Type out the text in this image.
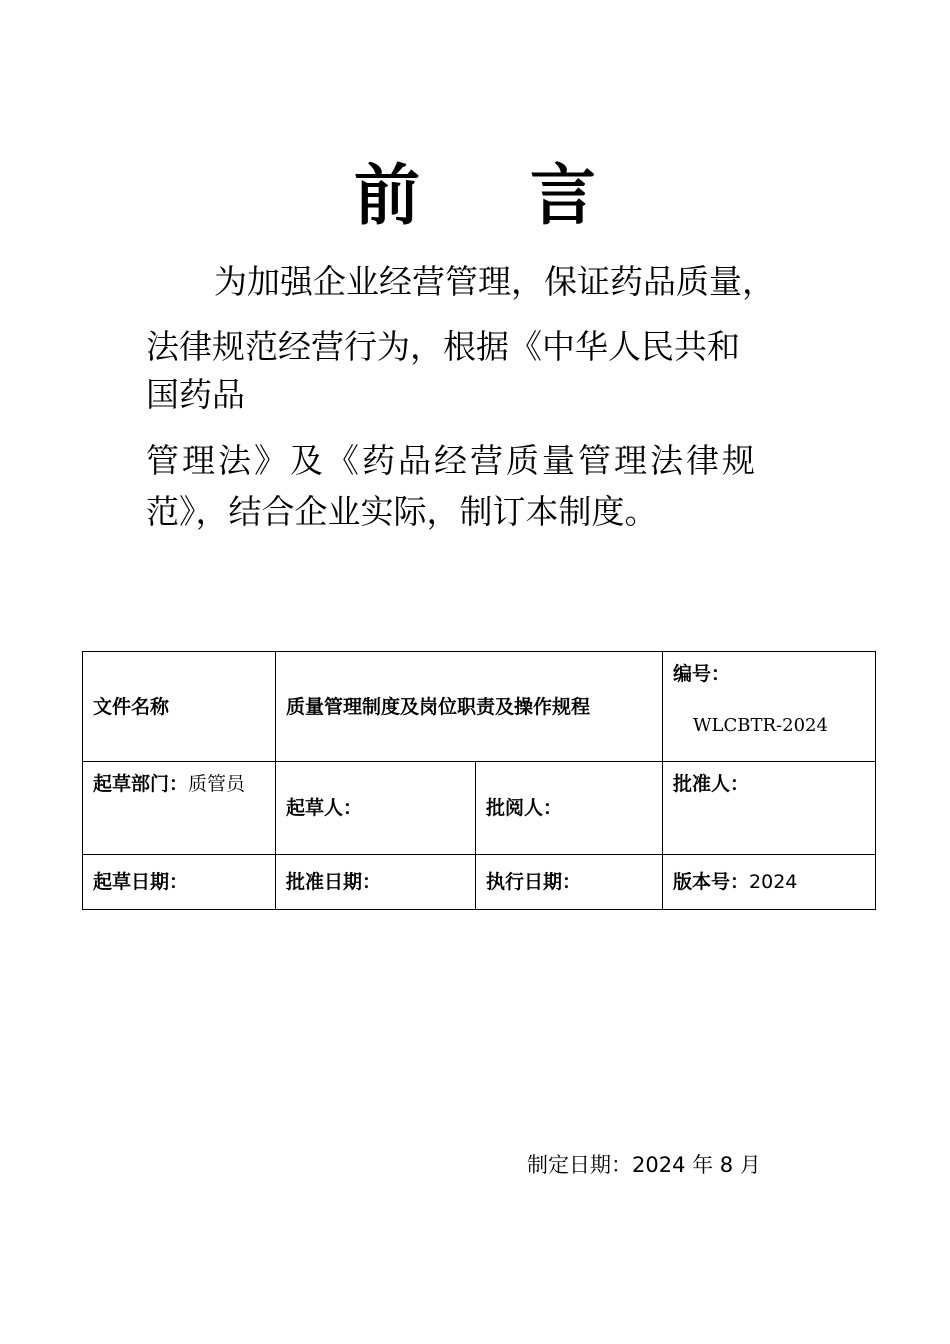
前 言
为加强企业经营管理，保证药品质量，
法律规范经营行为，根据《中华人民共和
国药品
管理法》及《药品经营质量管理法律规
范》，结合企业实际，制订本制度。
文件名称	质量管理制度及岗位职责及操作规程		编号：
WLCBTR-2024

起草部门：质管员	起草人：	批阅人：	批准人：
起草日期：	批准日期：	执行日期：	版本号：2024
制定日期：2024 年 8 月
